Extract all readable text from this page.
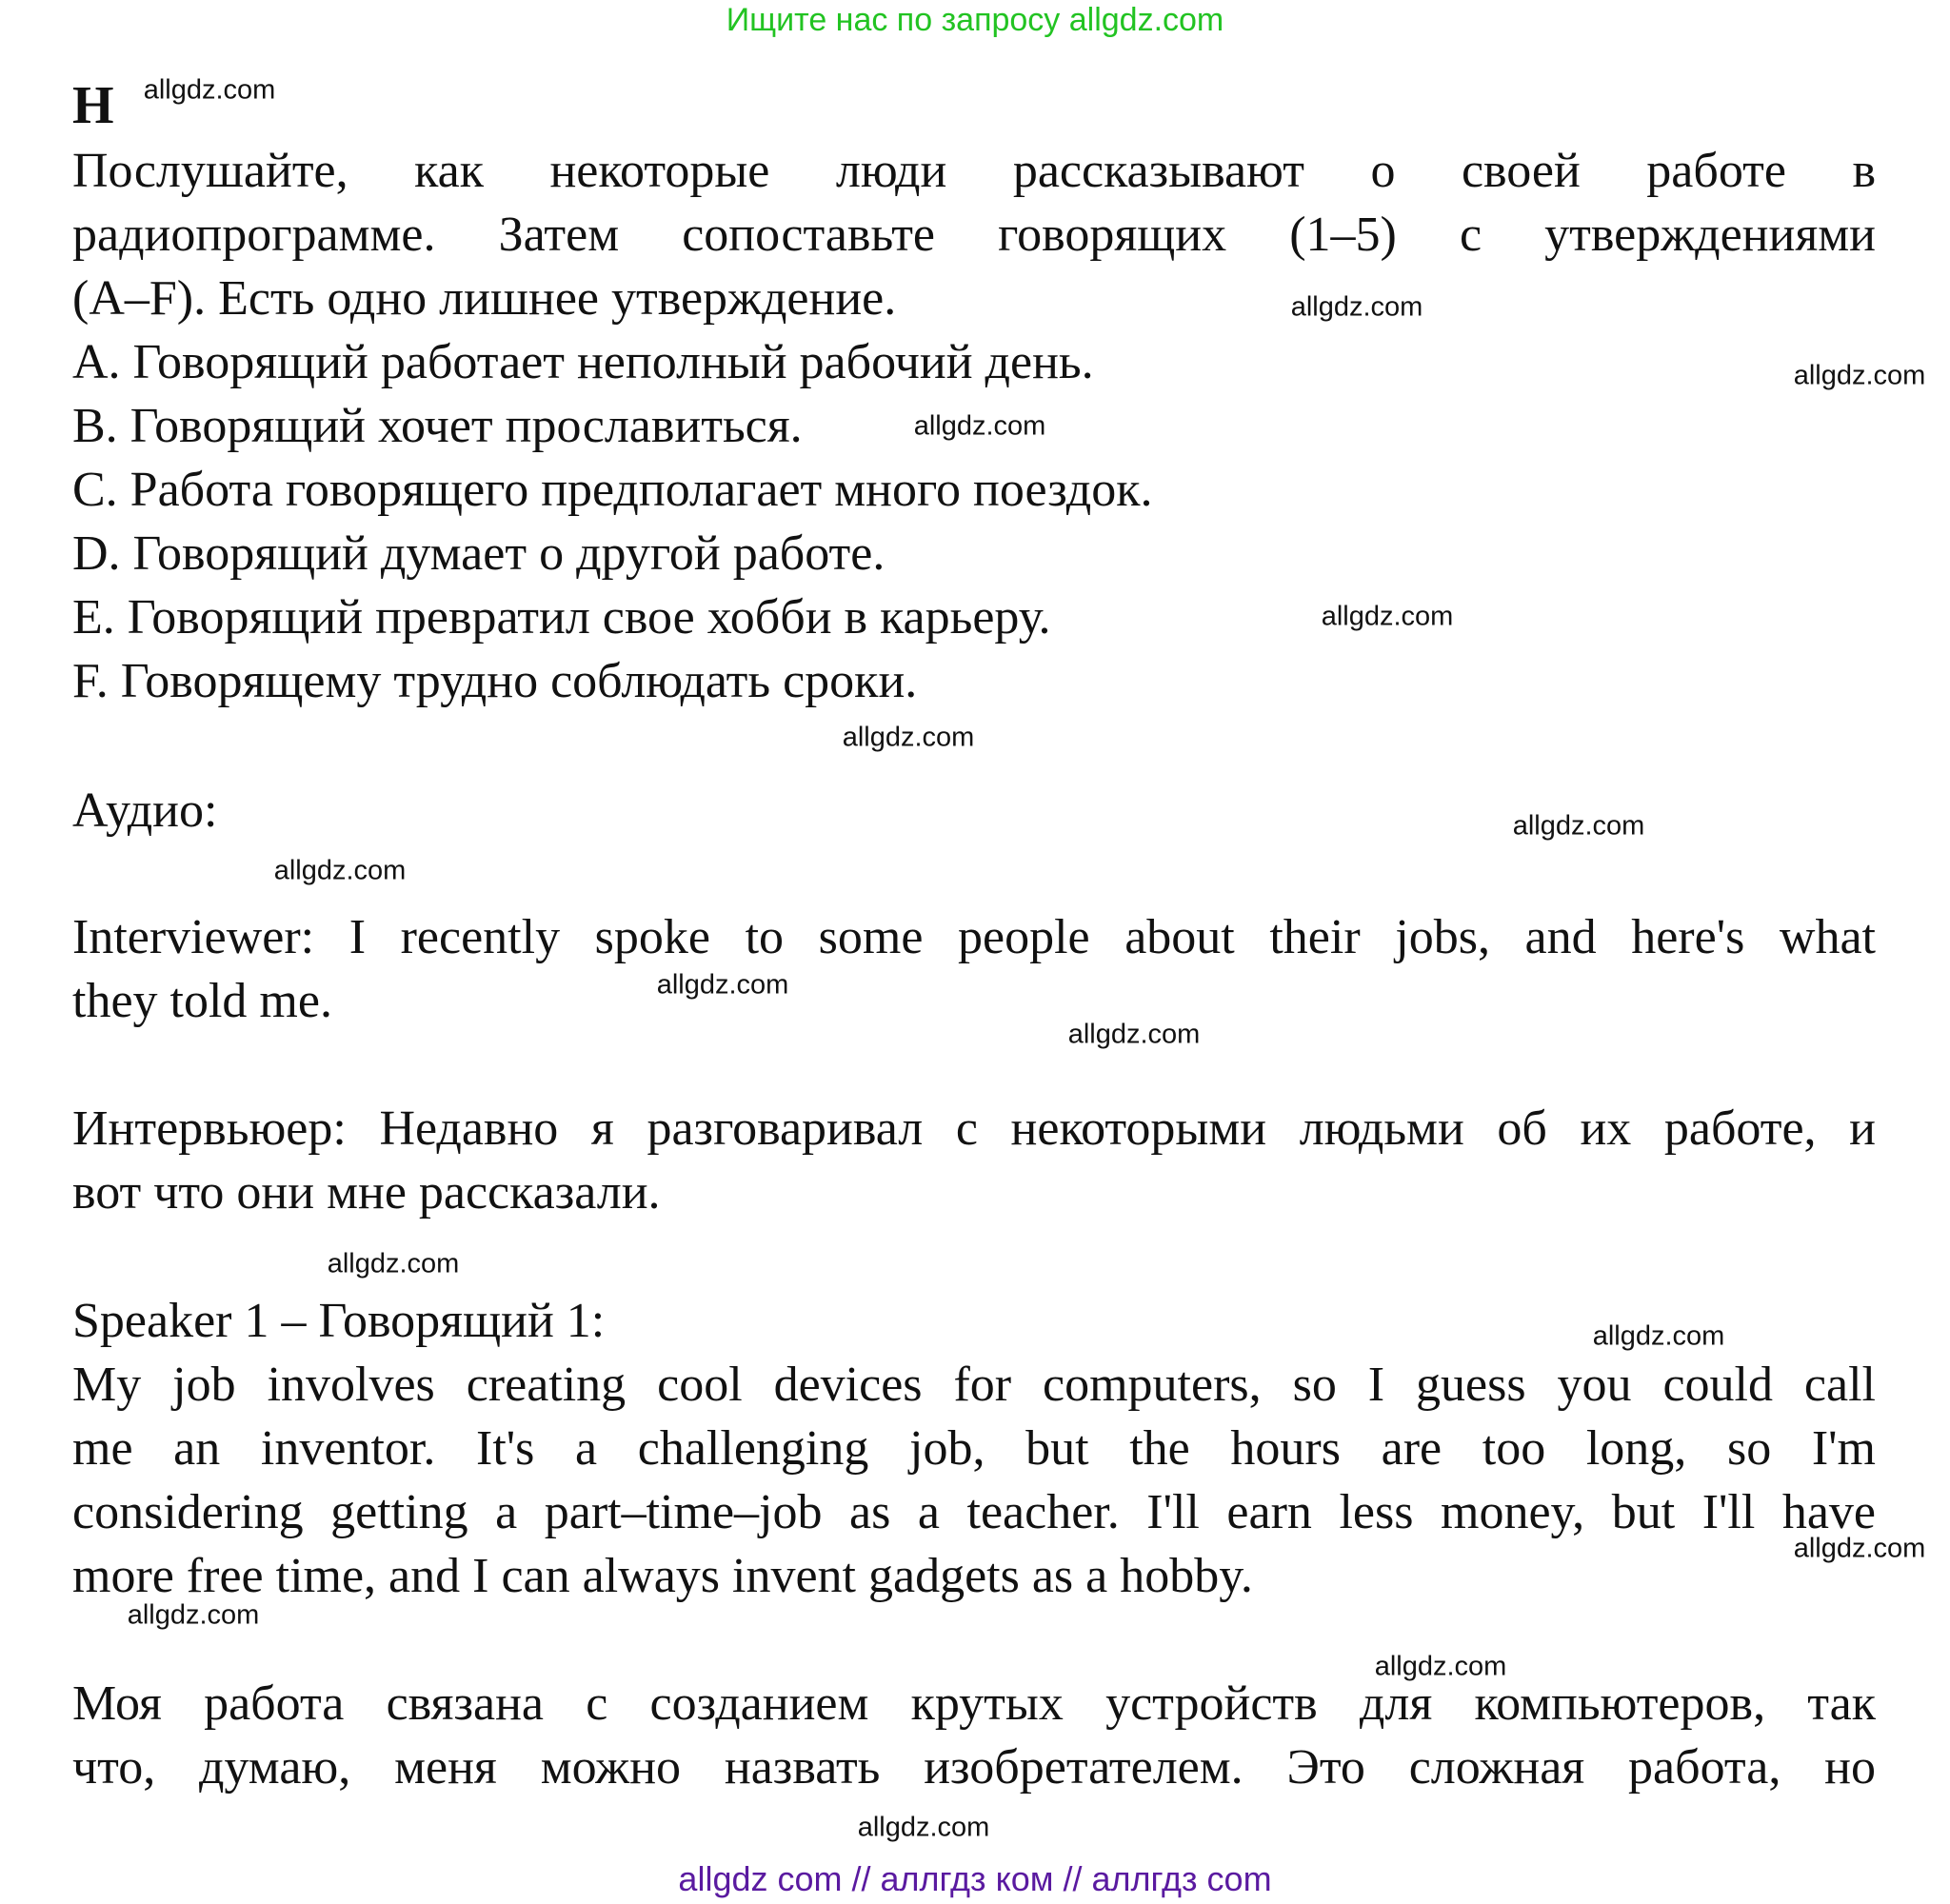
Ищите нас по запросу allgdz.com
H
Послушайте, как некоторые люди рассказывают о своей работе в
радиопрограмме. Затем сопоставьте говорящих (1–5) с утверждениями
(A–F). Есть одно лишнее утверждение.
A. Говорящий работает неполный рабочий день.
B. Говорящий хочет прославиться.
C. Работа говорящего предполагает много поездок.
D. Говорящий думает о другой работе.
E. Говорящий превратил свое хобби в карьеру.
F. Говорящему трудно соблюдать сроки.
Аудио:
Interviewer: I recently spoke to some people about their jobs, and here's what
they told me.
Интервьюер: Недавно я разговаривал с некоторыми людьми об их работе, и
вот что они мне рассказали.
Speaker 1 – Говорящий 1:
My job involves creating cool devices for computers, so I guess you could call
me an inventor. It's a challenging job, but the hours are too long, so I'm
considering getting a part–time–job as a teacher. I'll earn less money, but I'll have
more free time, and I can always invent gadgets as a hobby.
Моя работа связана с созданием крутых устройств для компьютеров, так
что, думаю, меня можно назвать изобретателем. Это сложная работа, но
allgdz com // аллгдз ком // аллгдз com
allgdz.com
allgdz.com
allgdz.com
allgdz.com
allgdz.com
allgdz.com
allgdz.com
allgdz.com
allgdz.com
allgdz.com
allgdz.com
allgdz.com
allgdz.com
allgdz.com
allgdz.com
allgdz.com
